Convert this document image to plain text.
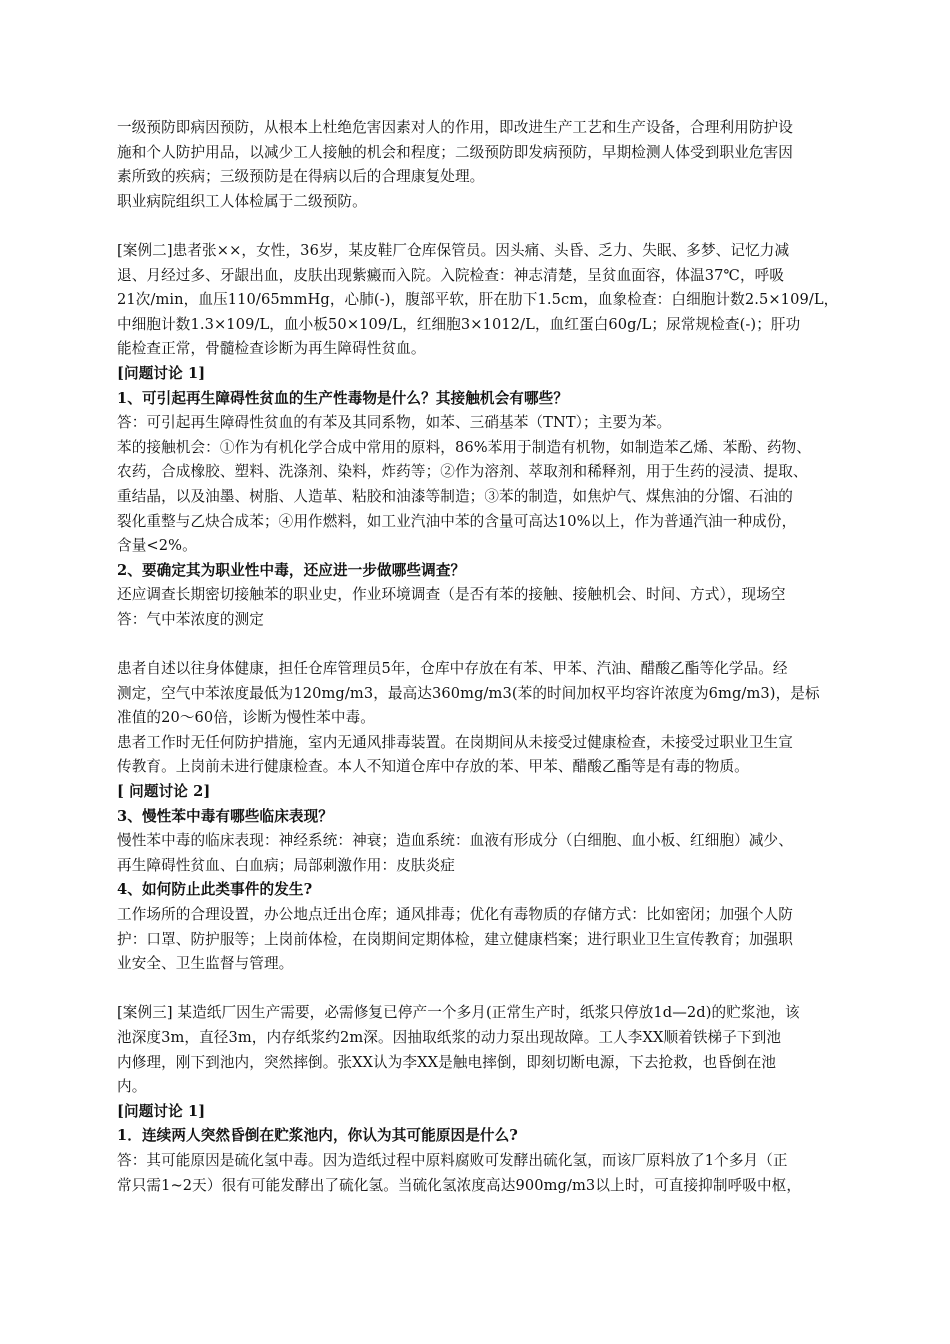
一级预防即病因预防，从根本上杜绝危害因素对人的作用，即改进生产工艺和生产设备，合理利用防护设
施和个人防护用品，以减少工人接触的机会和程度；二级预防即发病预防，早期检测人体受到职业危害因
素所致的疾病；三级预防是在得病以后的合理康复处理。
职业病院组织工人体检属于二级预防。
[案例二]患者张××，女性，36岁，某皮鞋厂仓库保管员。因头痛、头昏、乏力、失眠、多梦、记忆力减
退、月经过多、牙龈出血，皮肤出现紫癜而入院。入院检查：神志清楚，呈贫血面容，体温37℃，呼吸
21次/min，血压110/65mmHg，心肺(-)，腹部平软，肝在肋下1.5cm，血象检查：白细胞计数2.5×109/L，
中细胞计数1.3×109/L，血小板50×109/L，红细胞3×1012/L，血红蛋白60g/L；尿常规检查(-)；肝功
能检查正常，骨髓检查诊断为再生障碍性贫血。
[问题讨论 1]
1、可引起再生障碍性贫血的生产性毒物是什么？其接触机会有哪些？
答：可引起再生障碍性贫血的有苯及其同系物，如苯、三硝基苯（TNT）；主要为苯。
苯的接触机会：①作为有机化学合成中常用的原料，86%苯用于制造有机物，如制造苯乙烯、苯酚、药物、
农药，合成橡胶、塑料、洗涤剂、染料，炸药等；②作为溶剂、萃取剂和稀释剂，用于生药的浸渍、提取、
重结晶，以及油墨、树脂、人造革、粘胶和油漆等制造；③苯的制造，如焦炉气、煤焦油的分馏、石油的
裂化重整与乙炔合成苯；④用作燃料，如工业汽油中苯的含量可高达10%以上，作为普通汽油一种成份，
含量<2%。
2、要确定其为职业性中毒，还应进一步做哪些调查？
还应调查长期密切接触苯的职业史，作业环境调查（是否有苯的接触、接触机会、时间、方式），现场空
答：气中苯浓度的测定
患者自述以往身体健康，担任仓库管理员5年，仓库中存放在有苯、甲苯、汽油、醋酸乙酯等化学品。经
测定，空气中苯浓度最低为120mg/m3，最高达360mg/m3(苯的时间加权平均容许浓度为6mg/m3)，是标
准值的20～60倍，诊断为慢性苯中毒。
患者工作时无任何防护措施，室内无通风排毒装置。在岗期间从未接受过健康检查，未接受过职业卫生宣
传教育。上岗前未进行健康检查。本人不知道仓库中存放的苯、甲苯、醋酸乙酯等是有毒的物质。
[ 问题讨论 2]
3、慢性苯中毒有哪些临床表现？
慢性苯中毒的临床表现：神经系统：神衰；造血系统：血液有形成分（白细胞、血小板、红细胞）减少、
再生障碍性贫血、白血病；局部刺激作用：皮肤炎症
4、如何防止此类事件的发生?
工作场所的合理设置，办公地点迁出仓库；通风排毒；优化有毒物质的存储方式：比如密闭；加强个人防
护：口罩、防护服等；上岗前体检，在岗期间定期体检，建立健康档案；进行职业卫生宣传教育；加强职
业安全、卫生监督与管理。
[案例三] 某造纸厂因生产需要，必需修复已停产一个多月(正常生产时，纸浆只停放1d—2d)的贮浆池，该
池深度3m，直径3m，内存纸浆约2m深。因抽取纸浆的动力泵出现故障。工人李XX顺着铁梯子下到池
内修理，刚下到池内，突然摔倒。张XX认为李XX是触电摔倒，即刻切断电源，下去抢救，也昏倒在池
内。
[问题讨论 1]
1．连续两人突然昏倒在贮浆池内，你认为其可能原因是什么?
答：其可能原因是硫化氢中毒。因为造纸过程中原料腐败可发酵出硫化氢，而该厂原料放了1个多月（正
常只需1~2天）很有可能发酵出了硫化氢。当硫化氢浓度高达900mg/m3以上时，可直接抑制呼吸中枢，
